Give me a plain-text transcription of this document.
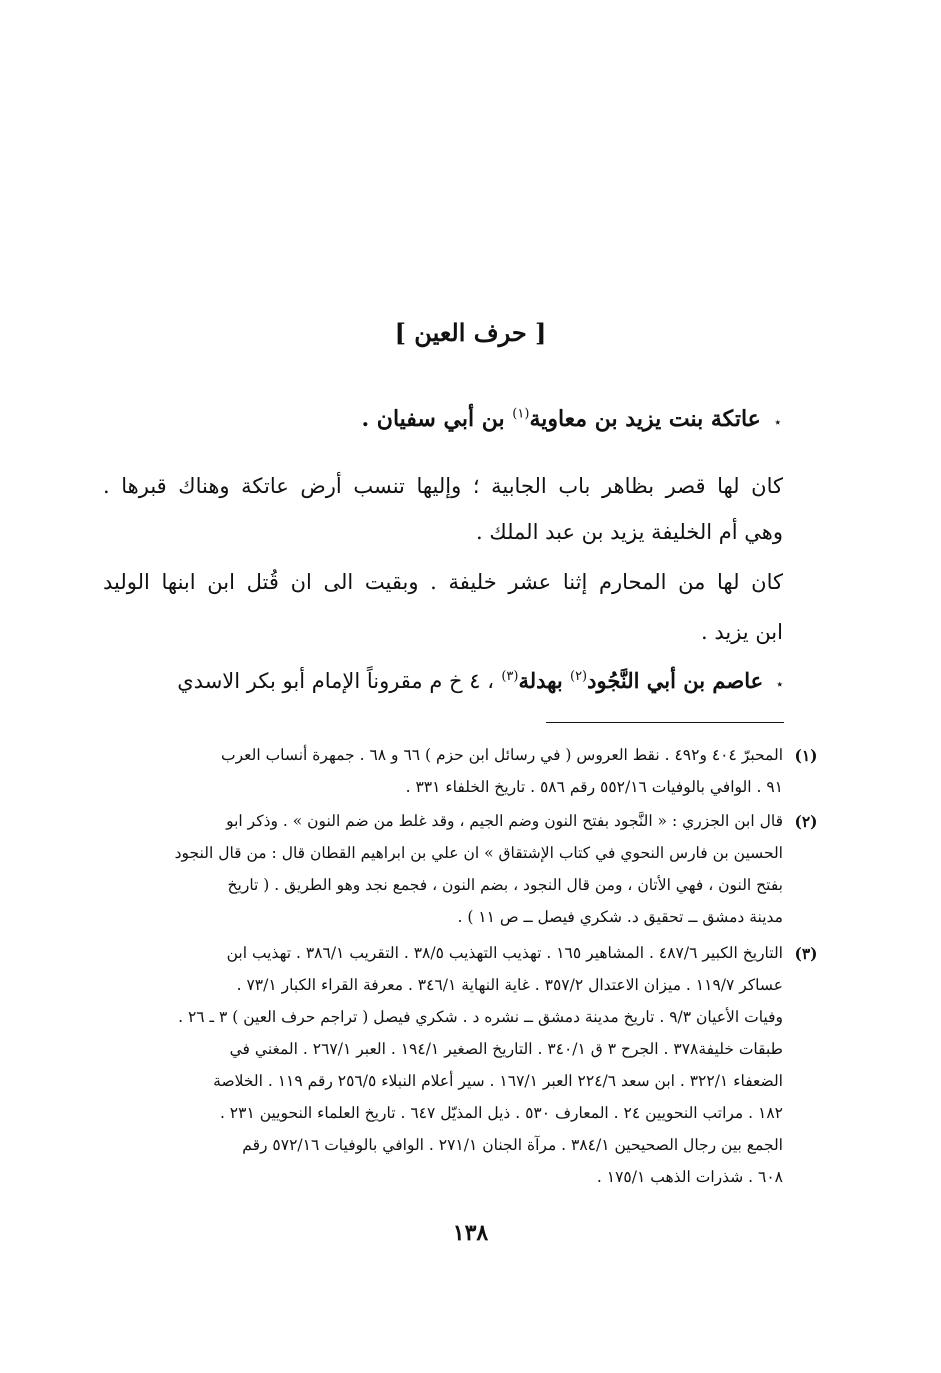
[ حرف العين ]
٭ عاتكة بنت يزيد بن معاوية$^{(١)}$ بن أبي سفيان .
كان لها قصر بظاهر باب الجابية ؛ وإليها تنسب أرض عاتكة وهناك قبرها .
وهي أم الخليفة يزيد بن عبد الملك .
كان لها من المحارم إثنا عشر خليفة . وبقيت الى ان قُتل ابن ابنها الوليد
ابن يزيد .
٭ عاصم بن أبي النَّجُود$^{(٢)}$ بهدلة$^{(٣)}$ ، ٤ خ م مقروناً الإمام أبو بكر الاسدي
(١)
المحبرّ ٤٠٤ و٤٩٢ . نقط العروس ( في رسائل ابن حزم ) ٦٦ و ٦٨ . جمهرة أنساب العرب
٩١ . الوافي بالوفيات ٥٥٢/١٦ رقم ٥٨٦ . تاريخ الخلفاء ٣٣١ .
(٢)
قال ابن الجزري : « النَّجود بفتح النون وضم الجيم ، وقد غلط من ضم النون » . وذكر ابو
الحسين بن فارس النحوي في كتاب الإشتقاق » ان علي بن ابراهيم القطان قال : من قال النجود
بفتح النون ، فهي الأتان ، ومن قال النجود ، بضم النون ، فجمع نجد وهو الطريق . ( تاريخ
مدينة دمشق ــ تحقيق د. شكري فيصل ــ ص ١١ ) .
(٣)
التاريخ الكبير ٤٨٧/٦ . المشاهير ١٦٥ . تهذيب التهذيب ٣٨/٥ . التقريب ٣٨٦/١ . تهذيب ابن
عساكر ١١٩/٧ . ميزان الاعتدال ٣٥٧/٢ . غاية النهاية ٣٤٦/١ . معرفة القراء الكبار ٧٣/١ .
وفيات الأعيان ٩/٣ . تاريخ مدينة دمشق ــ نشره د . شكري فيصل ( تراجم حرف العين ) ٣ ـ ٢٦ .
طبقات خليفة٣٧٨ . الجرح ٣ ق ٣٤٠/١ . التاريخ الصغير ١٩٤/١ . العبر ٢٦٧/١ . المغني في
الضعفاء ٣٢٢/١ . ابن سعد ٢٢٤/٦ العبر ١٦٧/١ . سير أعلام النبلاء ٢٥٦/٥ رقم ١١٩ . الخلاصة
١٨٢ . مراتب النحويين ٢٤ . المعارف ٥٣٠ . ذيل المذيّل ٦٤٧ . تاريخ العلماء النحويين ٢٣١ .
الجمع بين رجال الصحيحين ٣٨٤/١ . مرآة الجنان ٢٧١/١ . الوافي بالوفيات ٥٧٢/١٦ رقم
٦٠٨ . شذرات الذهب ١٧٥/١ .
١٣٨
